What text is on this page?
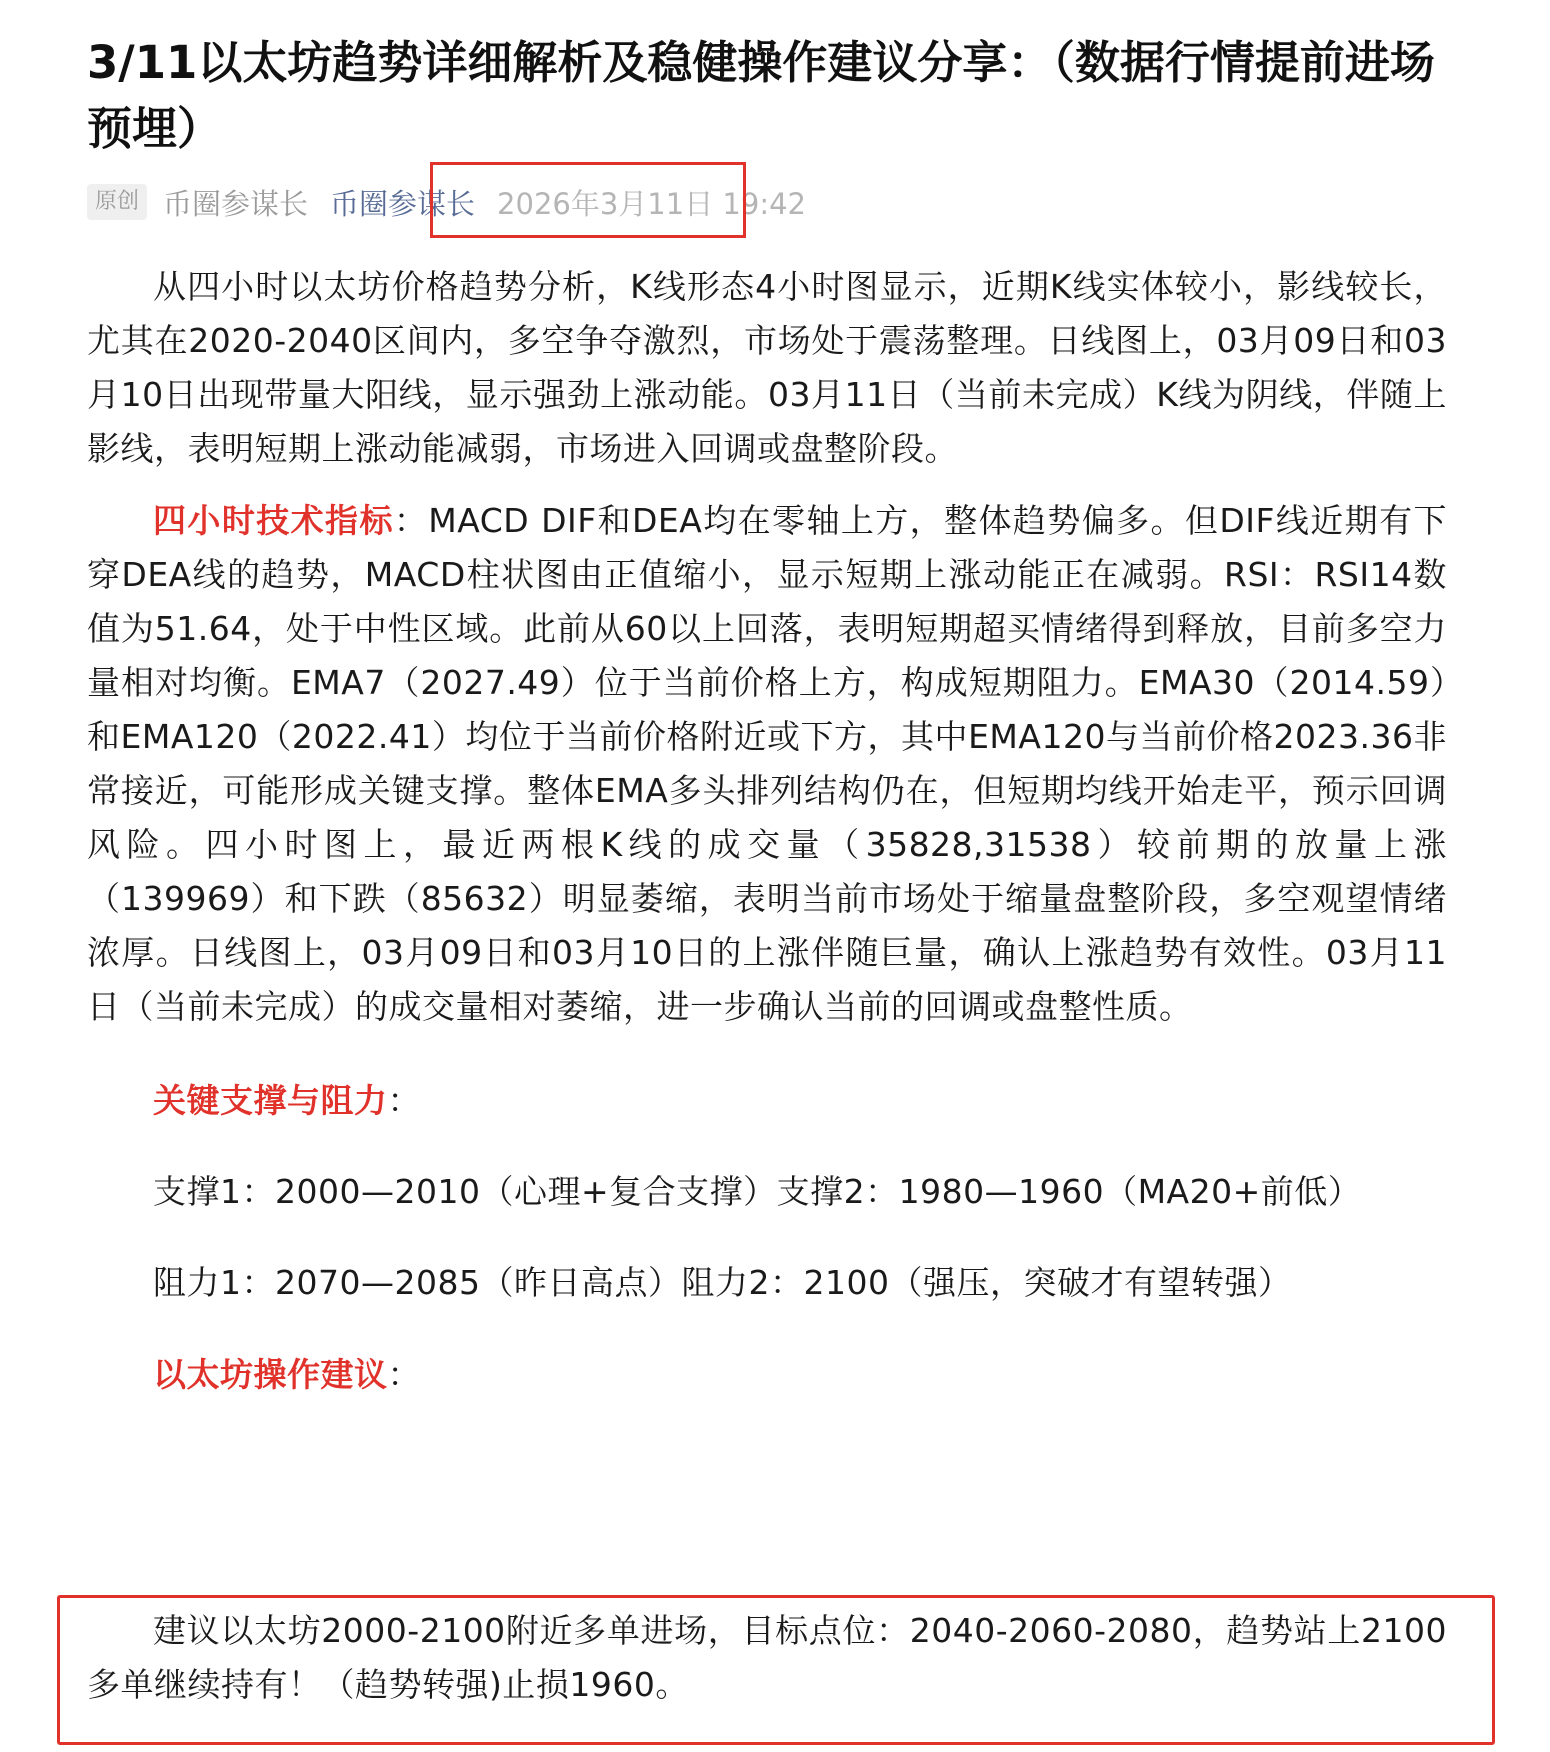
3/11以太坊趋势详细解析及稳健操作建议分享：（数据行情提前进场预埋）
原创 币圈参谋长 币圈参谋长 2026年3月11日 19:42

从四小时以太坊价格趋势分析，K线形态4小时图显示，近期K线实体较小，影线较长，尤其在2020-2040区间内，多空争夺激烈，市场处于震荡整理。日线图上，03月09日和03月10日出现带量大阳线，显示强劲上涨动能。03月11日（当前未完成）K线为阴线，伴随上影线，表明短期上涨动能减弱，市场进入回调或盘整阶段。

四小时技术指标：MACD DIF和DEA均在零轴上方，整体趋势偏多。但DIF线近期有下穿DEA线的趋势，MACD柱状图由正值缩小，显示短期上涨动能正在减弱。RSI：RSI14数值为51.64，处于中性区域。此前从60以上回落，表明短期超买情绪得到释放，目前多空力量相对均衡。EMA7（2027.49）位于当前价格上方，构成短期阻力。EMA30（2014.59）和EMA120（2022.41）均位于当前价格附近或下方，其中EMA120与当前价格2023.36非常接近，可能形成关键支撑。整体EMA多头排列结构仍在，但短期均线开始走平，预示回调风险。四小时图上，最近两根K线的成交量（35828,31538）较前期的放量上涨（139969）和下跌（85632）明显萎缩，表明当前市场处于缩量盘整阶段，多空观望情绪浓厚。日线图上，03月09日和03月10日的上涨伴随巨量，确认上涨趋势有效性。03月11日（当前未完成）的成交量相对萎缩，进一步确认当前的回调或盘整性质。

关键支撑与阻力：

支撑1：2000—2010（心理+复合支撑）支撑2：1980—1960（MA20+前低）

阻力1：2070—2085（昨日高点）阻力2：2100（强压，突破才有望转强）

以太坊操作建议：

建议以太坊2000-2100附近多单进场，目标点位：2040-2060-2080，趋势站上2100多单继续持有！（趋势转强)止损1960。
